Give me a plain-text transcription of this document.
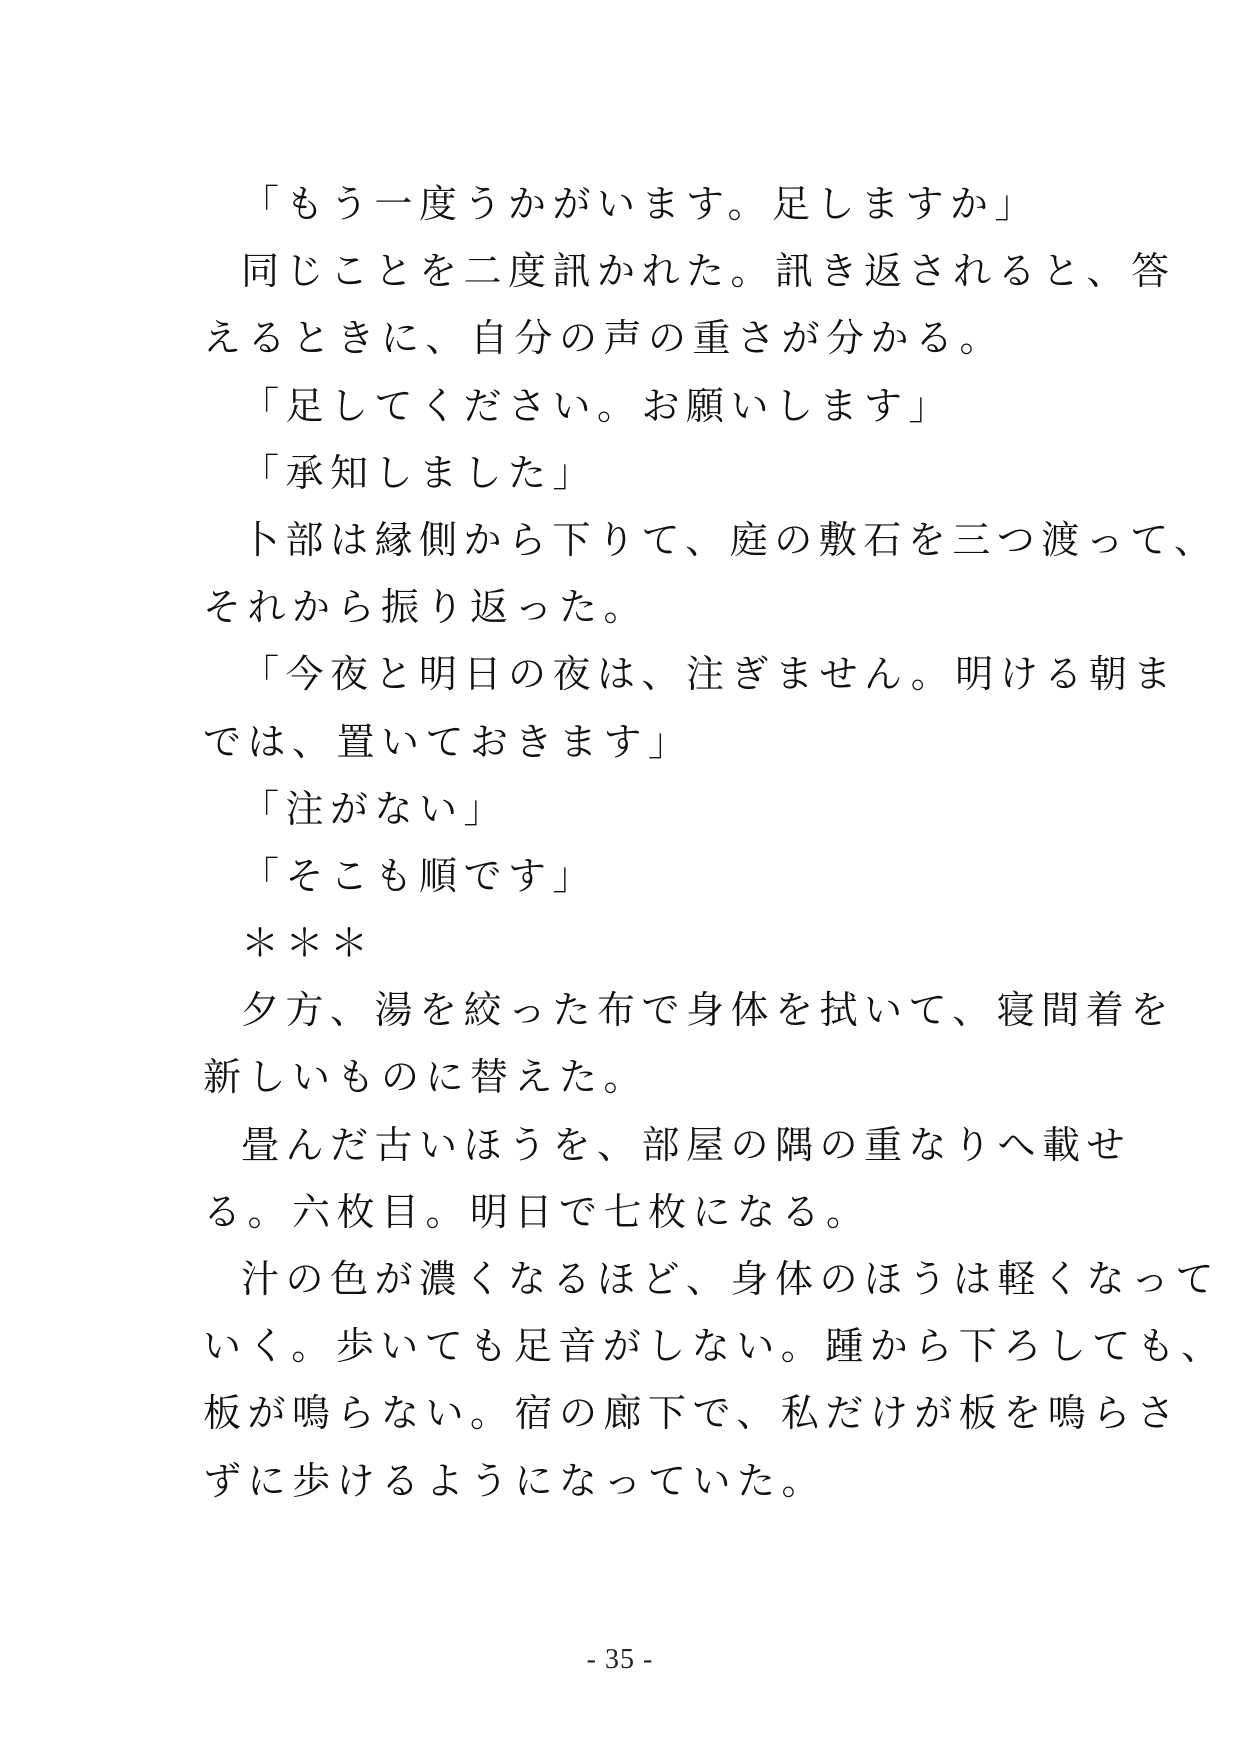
「もう一度うかがいます。足しますか」
同じことを二度訊かれた。訊き返されると、答
えるときに、自分の声の重さが分かる。
「足してください。お願いします」
「承知しました」
卜部は縁側から下りて、庭の敷石を三つ渡って、
それから振り返った。
「今夜と明日の夜は、注ぎません。明ける朝ま
では、置いておきます」
「注がない」
「そこも順です」
＊＊＊
夕方、湯を絞った布で身体を拭いて、寝間着を
新しいものに替えた。
畳んだ古いほうを、部屋の隅の重なりへ載せ
る。六枚目。明日で七枚になる。
汁の色が濃くなるほど、身体のほうは軽くなって
いく。歩いても足音がしない。踵から下ろしても、
板が鳴らない。宿の廊下で、私だけが板を鳴らさ
ずに歩けるようになっていた。
- 35 -
